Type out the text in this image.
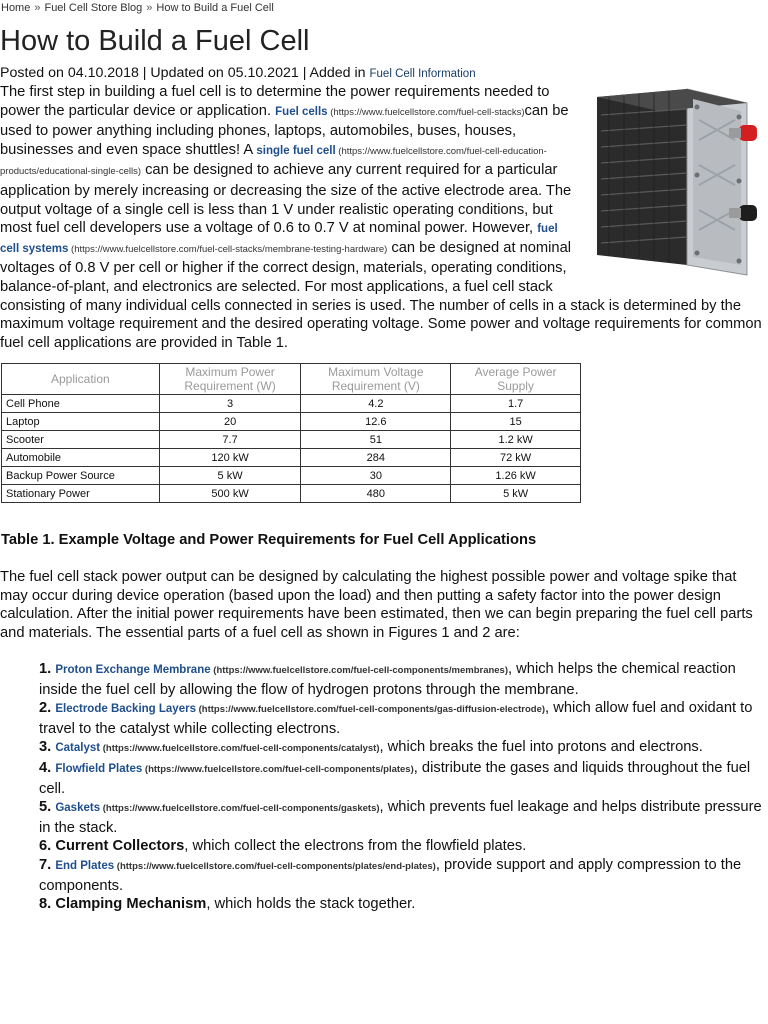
Home » Fuel Cell Store Blog » How to Build a Fuel Cell
How to Build a Fuel Cell
Posted on 04.10.2018 | Updated on 05.10.2021 | Added in Fuel Cell Information

The first step in building a fuel cell is to determine the power requirements needed to power the particular device or application. Fuel cells (https://www.fuelcellstore.com/fuel-cell-stacks)can be used to power anything including phones, laptops, automobiles, buses, houses, businesses and even space shuttles! A single fuel cell (https://www.fuelcellstore.com/fuel-cell-education-products/educational-single-cells) can be designed to achieve any current required for a particular application by merely increasing or decreasing the size of the active electrode area. The output voltage of a single cell is less than 1 V under realistic operating conditions, but most fuel cell developers use a voltage of 0.6 to 0.7 V at nominal power. However, fuel cell systems (https://www.fuelcellstore.com/fuel-cell-stacks/membrane-testing-hardware) can be designed at nominal voltages of 0.8 V per cell or higher if the correct design, materials, operating conditions, balance-of-plant, and electronics are selected. For most applications, a fuel cell stack consisting of many individual cells connected in series is used. The number of cells in a stack is determined by the maximum voltage requirement and the desired operating voltage. Some power and voltage requirements for common fuel cell applications are provided in Table 1.

Application	Maximum Power Requirement (W)	Maximum Voltage Requirement (V)	Average Power Supply
Cell Phone	3	4.2	1.7
Laptop	20	12.6	15
Scooter	7.7	51	1.2 kW
Automobile	120 kW	284	72 kW
Backup Power Source	5 kW	30	1.26 kW
Stationary Power	500 kW	480	5 kW
Table 1. Example Voltage and Power Requirements for Fuel Cell Applications

The fuel cell stack power output can be designed by calculating the highest possible power and voltage spike that may occur during device operation (based upon the load) and then putting a safety factor into the power design calculation. After the initial power requirements have been estimated, then we can begin preparing the fuel cell parts and materials. The essential parts of a fuel cell as shown in Figures 1 and 2 are:

1. Proton Exchange Membrane (https://www.fuelcellstore.com/fuel-cell-components/membranes), which helps the chemical reaction inside the fuel cell by allowing the flow of hydrogen protons through the membrane.

2. Electrode Backing Layers (https://www.fuelcellstore.com/fuel-cell-components/gas-diffusion-electrode), which allow fuel and oxidant to travel to the catalyst while collecting electrons.

3. Catalyst (https://www.fuelcellstore.com/fuel-cell-components/catalyst), which breaks the fuel into protons and electrons.

4. Flowfield Plates (https://www.fuelcellstore.com/fuel-cell-components/plates), distribute the gases and liquids throughout the fuel cell.

5. Gaskets (https://www.fuelcellstore.com/fuel-cell-components/gaskets), which prevents fuel leakage and helps distribute pressure in the stack.

6. Current Collectors, which collect the electrons from the flowfield plates.

7. End Plates (https://www.fuelcellstore.com/fuel-cell-components/plates/end-plates), provide support and apply compression to the components.

8. Clamping Mechanism, which holds the stack together.
